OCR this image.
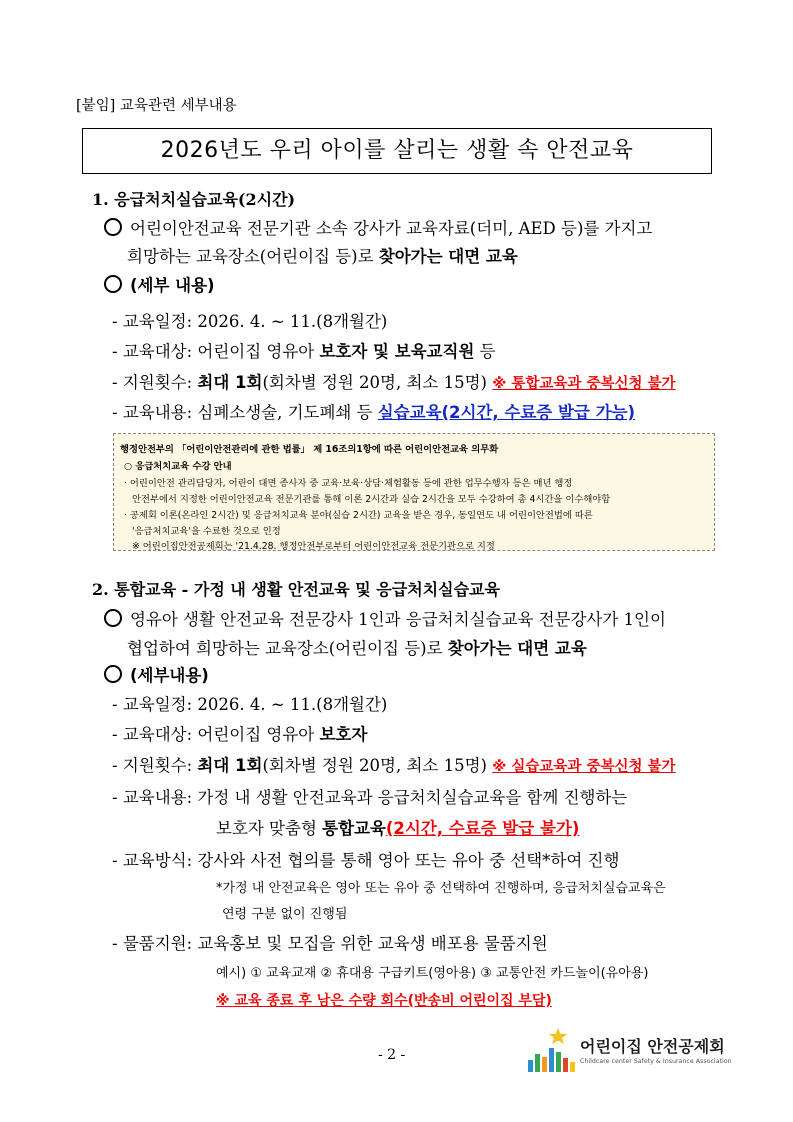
[붙임] 교육관련 세부내용
2026년도 우리 아이를 살리는 생활 속 안전교육
1. 응급처치실습교육(2시간)
어린이안전교육 전문기관 소속 강사가 교육자료(더미, AED 등)를 가지고
희망하는 교육장소(어린이집 등)로 찾아가는 대면 교육
(세부 내용)
- 교육일정: 2026. 4. ~ 11.(8개월간)
- 교육대상: 어린이집 영유아 보호자 및 보육교직원 등
- 지원횟수: 최대 1회(회차별 정원 20명, 최소 15명) ※ 통합교육과 중복신청 불가
- 교육내용: 심폐소생술, 기도폐쇄 등 실습교육(2시간, 수료증 발급 가능)
행정안전부의 「어린이안전관리에 관한 법률」 제 16조의1항에 따른 어린이안전교육 의무화
○ 응급처치교육 수강 안내
· 어린이안전 관리담당자, 어린이 대면 종사자 중 교육·보육·상담·체험활동 등에 관한 업무수행자 등은 매년 행정
안전부에서 지정한 어린이안전교육 전문기관를 통해 이론 2시간과 실습 2시간을 모두 수강하여 총 4시간을 이수해야함
· 공제회 이론(온라인 2시간) 및 응급처치교육 분야(실습 2시간) 교육을 받은 경우, 동일연도 내 어린이안전법에 따른
'응급처치교육'을 수료한 것으로 인정
※ 어린이집안전공제회는 '21.4.28. 행정안전부로부터 어린이안전교육 전문기관으로 지정
2. 통합교육 - 가정 내 생활 안전교육 및 응급처치실습교육
영유아 생활 안전교육 전문강사 1인과 응급처치실습교육 전문강사가 1인이
협업하여 희망하는 교육장소(어린이집 등)로 찾아가는 대면 교육
(세부내용)
- 교육일정: 2026. 4. ~ 11.(8개월간)
- 교육대상: 어린이집 영유아 보호자
- 지원횟수: 최대 1회(회차별 정원 20명, 최소 15명) ※ 실습교육과 중복신청 불가
- 교육내용: 가정 내 생활 안전교육과 응급처치실습교육을 함께 진행하는
보호자 맞춤형 통합교육(2시간, 수료증 발급 불가)
- 교육방식: 강사와 사전 협의를 통해 영아 또는 유아 중 선택*하여 진행
*가정 내 안전교육은 영아 또는 유아 중 선택하여 진행하며, 응급처치실습교육은
연령 구분 없이 진행됨
- 물품지원: 교육홍보 및 모집을 위한 교육생 배포용 물품지원
예시) ① 교육교재 ② 휴대용 구급키트(영아용) ③ 교통안전 카드놀이(유아용)
※ 교육 종료 후 남은 수량 회수(반송비 어린이집 부담)
- 2 -	어린이집 안전공제회
Childcare center Safety & Insurance Association
